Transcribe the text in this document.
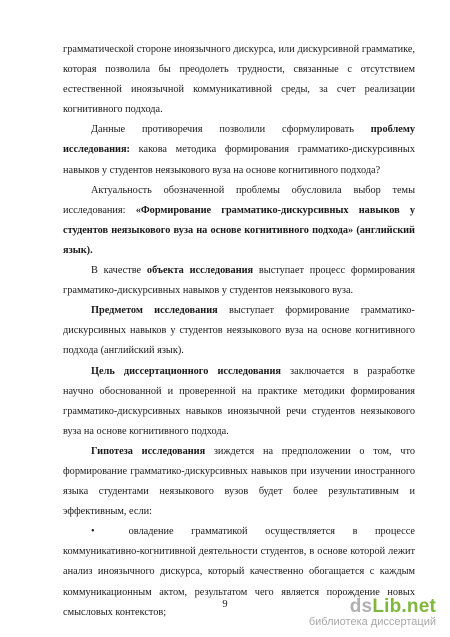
грамматической стороне иноязычного дискурса, или дискурсивной грамматике, которая позволила бы преодолеть трудности, связанные с отсутствием естественной иноязычной коммуникативной среды, за счет реализации когнитивного подхода.

Данные противоречия позволили сформулировать проблему исследования: какова методика формирования грамматико-дискурсивных навыков у студентов неязыкового вуза на основе когнитивного подхода?

Актуальность обозначенной проблемы обусловила выбор темы исследования: «Формирование грамматико-дискурсивных навыков у студентов неязыкового вуза на основе когнитивного подхода» (английский язык).

В качестве объекта исследования выступает процесс формирования грамматико-дискурсивных навыков у студентов неязыкового вуза.

Предметом исследования выступает формирование грамматико-дискурсивных навыков у студентов неязыкового вуза на основе когнитивного подхода (английский язык).

Цель диссертационного исследования заключается в разработке научно обоснованной и проверенной на практике методики формирования грамматико-дискурсивных навыков иноязычной речи студентов неязыкового вуза на основе когнитивного подхода.

Гипотеза исследования зиждется на предположении о том, что формирование грамматико-дискурсивных навыков при изучении иностранного языка студентами неязыкового вузов будет более результативным и эффективным, если:

•	овладение грамматикой осуществляется в процессе коммуникативно-когнитивной деятельности студентов, в основе которой лежит анализ иноязычного дискурса, который качественно обогащается с каждым коммуникационным актом, результатом чего является порождение новых смысловых контекстов;

9	dsLib.net
библиотека диссертаций
